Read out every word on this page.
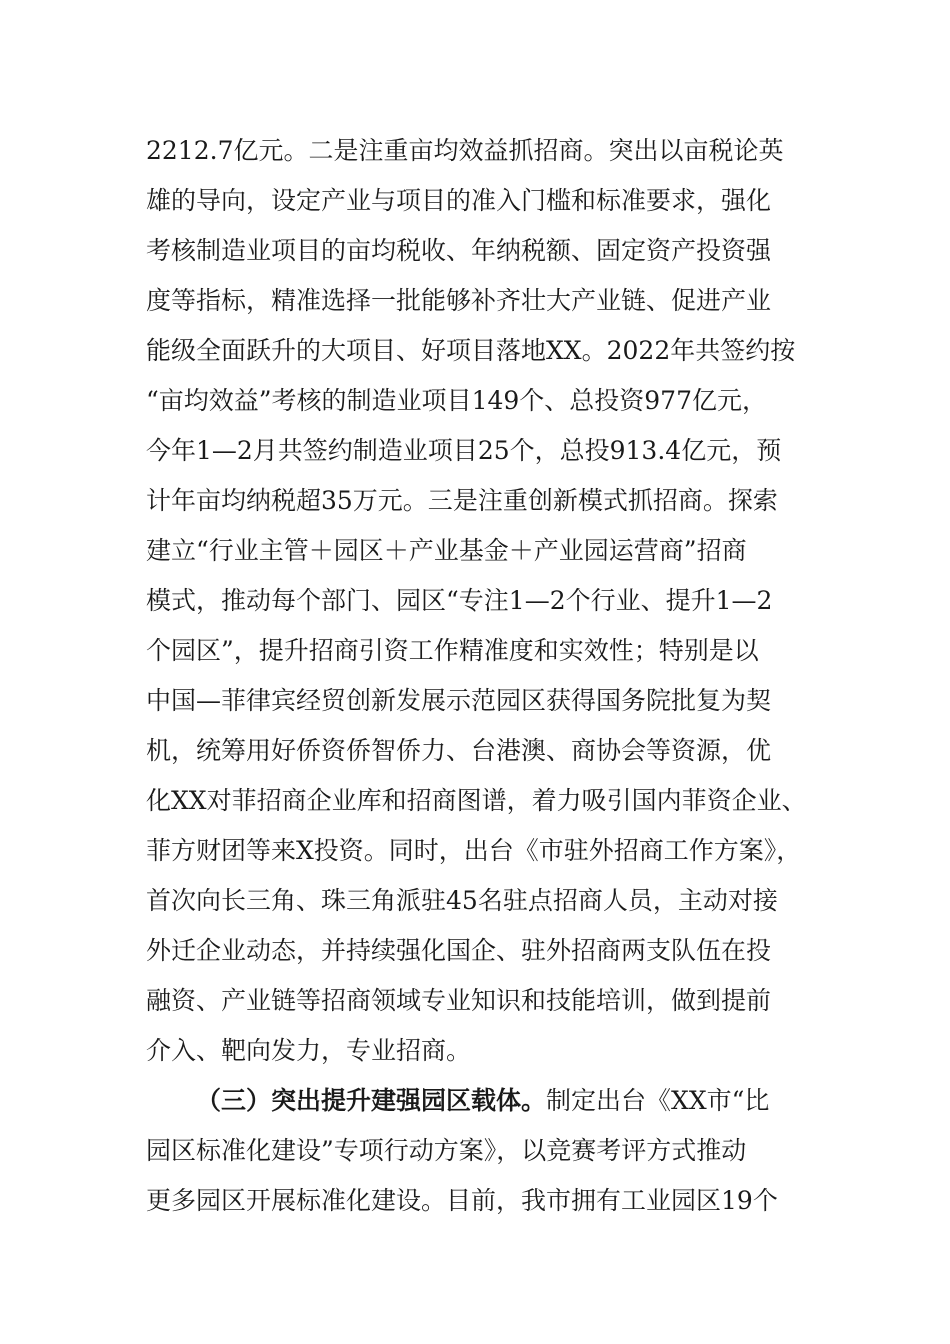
2212.7亿元。二是注重亩均效益抓招商。突出以亩税论英
雄的导向，设定产业与项目的准入门槛和标准要求，强化
考核制造业项目的亩均税收、年纳税额、固定资产投资强
度等指标，精准选择一批能够补齐壮大产业链、促进产业
能级全面跃升的大项目、好项目落地XX。2022年共签约按
“亩均效益”考核的制造业项目149个、总投资977亿元，
今年1—2月共签约制造业项目25个，总投913.4亿元，预
计年亩均纳税超35万元。三是注重创新模式抓招商。探索
建立“行业主管＋园区＋产业基金＋产业园运营商”招商
模式，推动每个部门、园区“专注1—2个行业、提升1—2
个园区”，提升招商引资工作精准度和实效性；特别是以
中国—菲律宾经贸创新发展示范园区获得国务院批复为契
机，统筹用好侨资侨智侨力、台港澳、商协会等资源，优
化XX对菲招商企业库和招商图谱，着力吸引国内菲资企业、
菲方财团等来X投资。同时，出台《市驻外招商工作方案》，
首次向长三角、珠三角派驻45名驻点招商人员，主动对接
外迁企业动态，并持续强化国企、驻外招商两支队伍在投
融资、产业链等招商领域专业知识和技能培训，做到提前
介入、靶向发力，专业招商。
（三）突出提升建强园区载体。制定出台《XX市“比
园区标准化建设”专项行动方案》，以竞赛考评方式推动
更多园区开展标准化建设。目前，我市拥有工业园区19个
